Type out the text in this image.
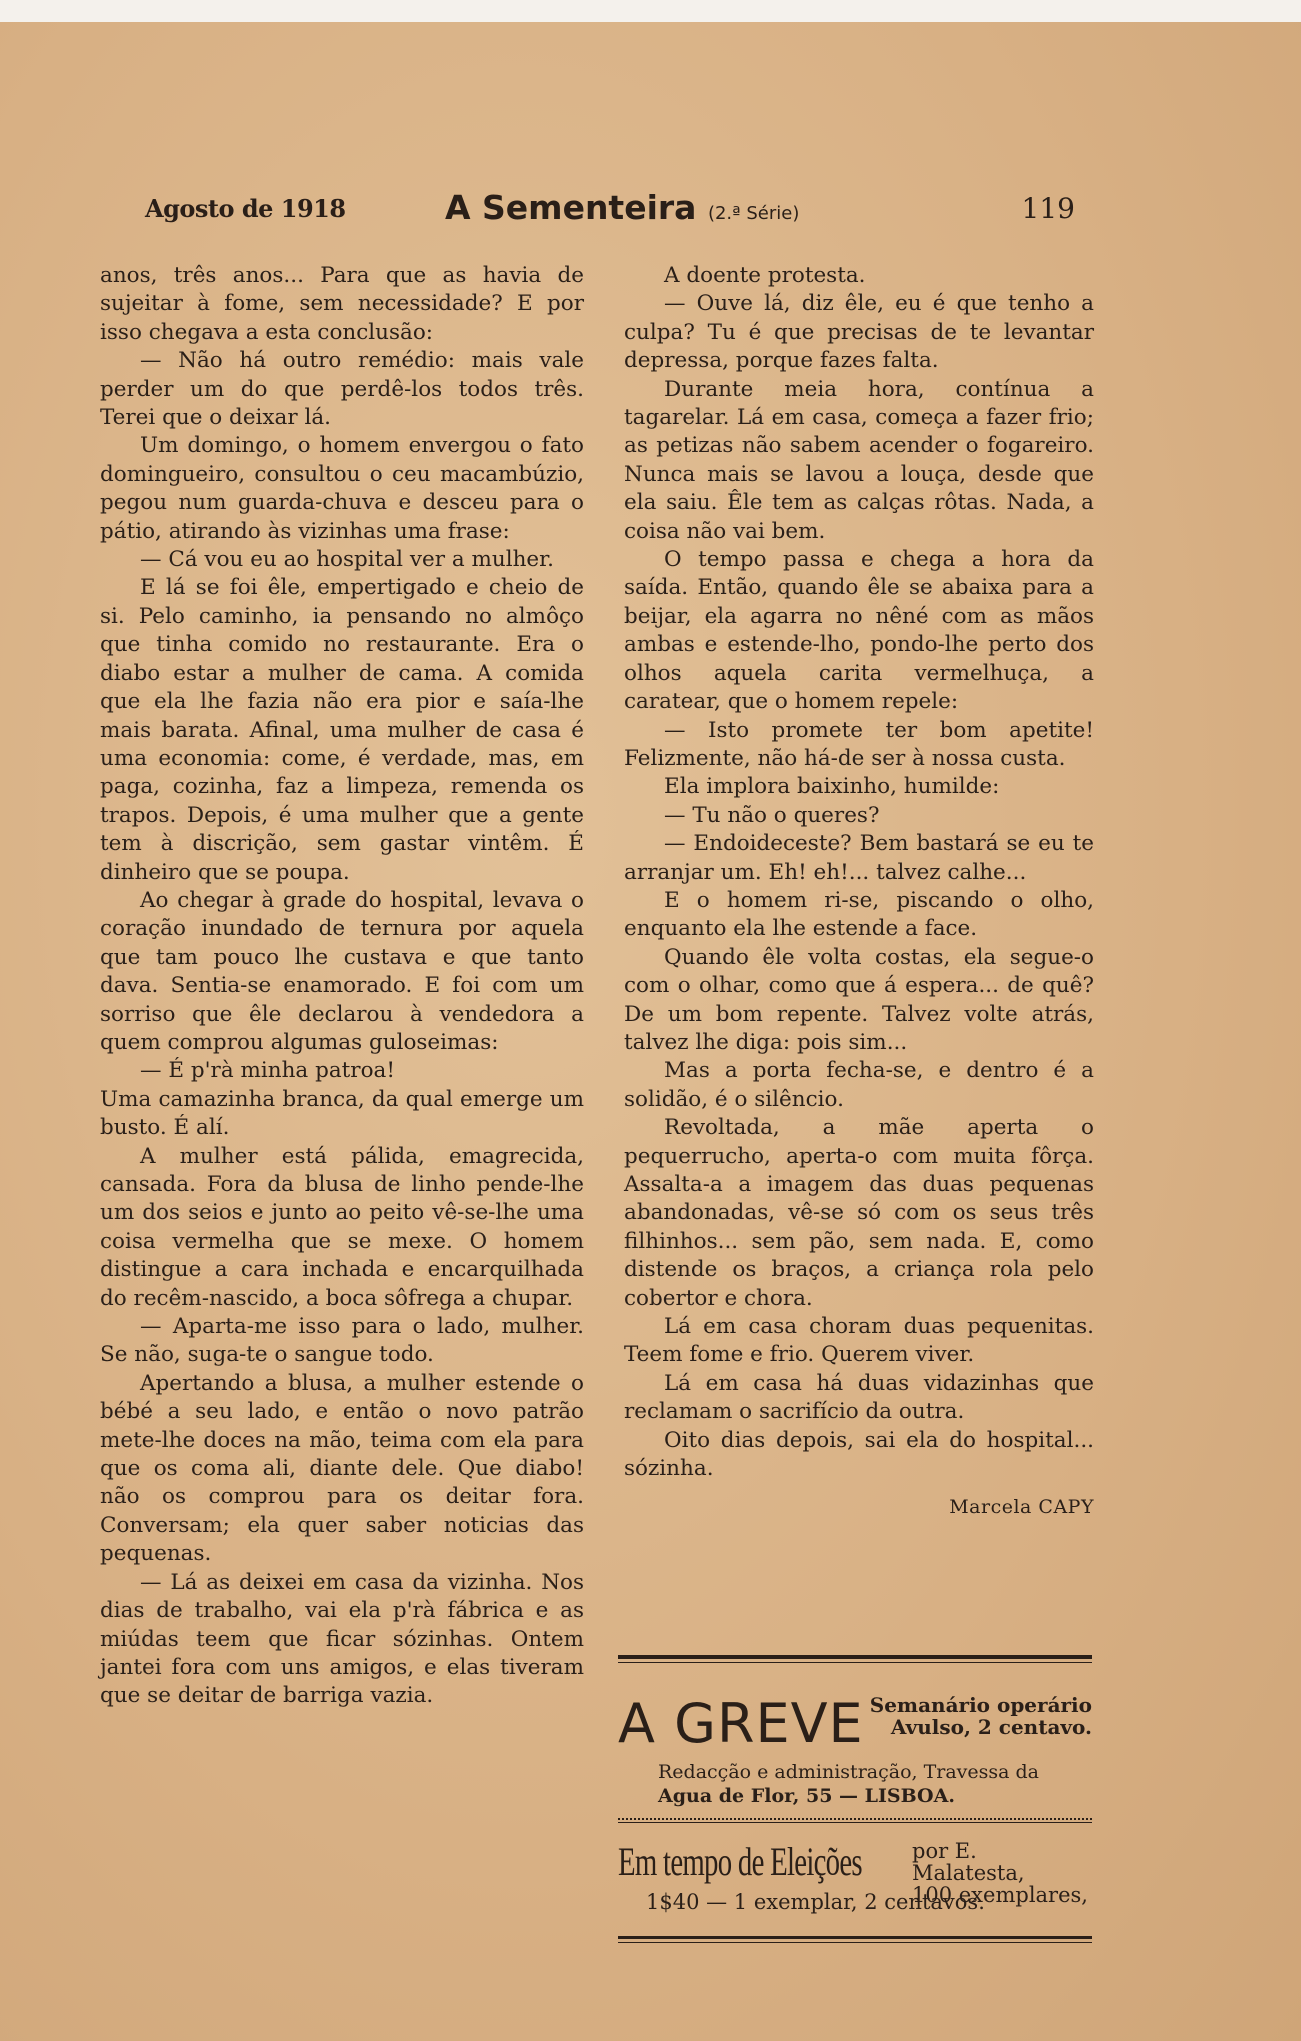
Agosto de 1918	A Sementeira (2.ª Série)	119

anos, três anos... Para que as havia de sujeitar à fome, sem necessidade? E por isso chegava a esta conclusão:

— Não há outro remédio: mais vale perder um do que perdê-los todos três. Terei que o deixar lá.

Um domingo, o homem envergou o fato domingueiro, consultou o ceu macambúzio, pegou num guarda-chuva e desceu para o pátio, atirando às vizinhas uma frase:

— Cá vou eu ao hospital ver a mulher.

E lá se foi êle, empertigado e cheio de si. Pelo caminho, ia pensando no almôço que tinha comido no restaurante. Era o diabo estar a mulher de cama. A comida que ela lhe fazia não era pior e saía-lhe mais barata. Afinal, uma mulher de casa é uma economia: come, é verdade, mas, em paga, cozinha, faz a limpeza, remenda os trapos. Depois, é uma mulher que a gente tem à discrição, sem gastar vintêm. É dinheiro que se poupa.

Ao chegar à grade do hospital, levava o coração inundado de ternura por aquela que tam pouco lhe custava e que tanto dava. Sentia-se enamorado. E foi com um sorriso que êle declarou à vendedora a quem comprou algumas guloseimas:

— É p'rà minha patroa!

Uma camazinha branca, da qual emerge um busto. É alí.

A mulher está pálida, emagrecida, cansada. Fora da blusa de linho pende-lhe um dos seios e junto ao peito vê-se-lhe uma coisa vermelha que se mexe. O homem distingue a cara inchada e encarquilhada do recêm-nascido, a boca sôfrega a chupar.

— Aparta-me isso para o lado, mulher. Se não, suga-te o sangue todo.

Apertando a blusa, a mulher estende o bébé a seu lado, e então o novo patrão mete-lhe doces na mão, teima com ela para que os coma ali, diante dele. Que diabo! não os comprou para os deitar fora. Conversam; ela quer saber noticias das pequenas.

— Lá as deixei em casa da vizinha. Nos dias de trabalho, vai ela p'rà fábrica e as miúdas teem que ficar sózinhas. Ontem jantei fora com uns amigos, e elas tiveram que se deitar de barriga vazia.

A doente protesta.

— Ouve lá, diz êle, eu é que tenho a culpa? Tu é que precisas de te levantar depressa, porque fazes falta.

Durante meia hora, contínua a tagarelar. Lá em casa, começa a fazer frio; as petizas não sabem acender o fogareiro. Nunca mais se lavou a louça, desde que ela saiu. Êle tem as calças rôtas. Nada, a coisa não vai bem.

O tempo passa e chega a hora da saída. Então, quando êle se abaixa para a beijar, ela agarra no nêné com as mãos ambas e estende-lho, pondo-lhe perto dos olhos aquela carita vermelhuça, a caratear, que o homem repele:

— Isto promete ter bom apetite! Felizmente, não há-de ser à nossa custa.

Ela implora baixinho, humilde:

— Tu não o queres?

— Endoideceste? Bem bastará se eu te arranjar um. Eh! eh!... talvez calhe...

E o homem ri-se, piscando o olho, enquanto ela lhe estende a face.

Quando êle volta costas, ela segue-o com o olhar, como que á espera... de quê? De um bom repente. Talvez volte atrás, talvez lhe diga: pois sim...

Mas a porta fecha-se, e dentro é a solidão, é o silêncio.

Revoltada, a mãe aperta o pequerrucho, aperta-o com muita fôrça. Assalta-a a imagem das duas pequenas abandonadas, vê-se só com os seus três filhinhos... sem pão, sem nada. E, como distende os braços, a criança rola pelo cobertor e chora.

Lá em casa choram duas pequenitas. Teem fome e frio. Querem viver.

Lá em casa há duas vidazinhas que reclamam o sacrifício da outra.

Oito dias depois, sai ela do hospital... sózinha.

Marcela CAPY
A GREVE Semanário operário
Avulso, 2 centavo.
Redacção e administração, Travessa da
Agua de Flor, 55 — LISBOA.
Em tempo de Eleições por E. Malatesta,
100 exemplares,
1$40 — 1 exemplar, 2 centavos.
